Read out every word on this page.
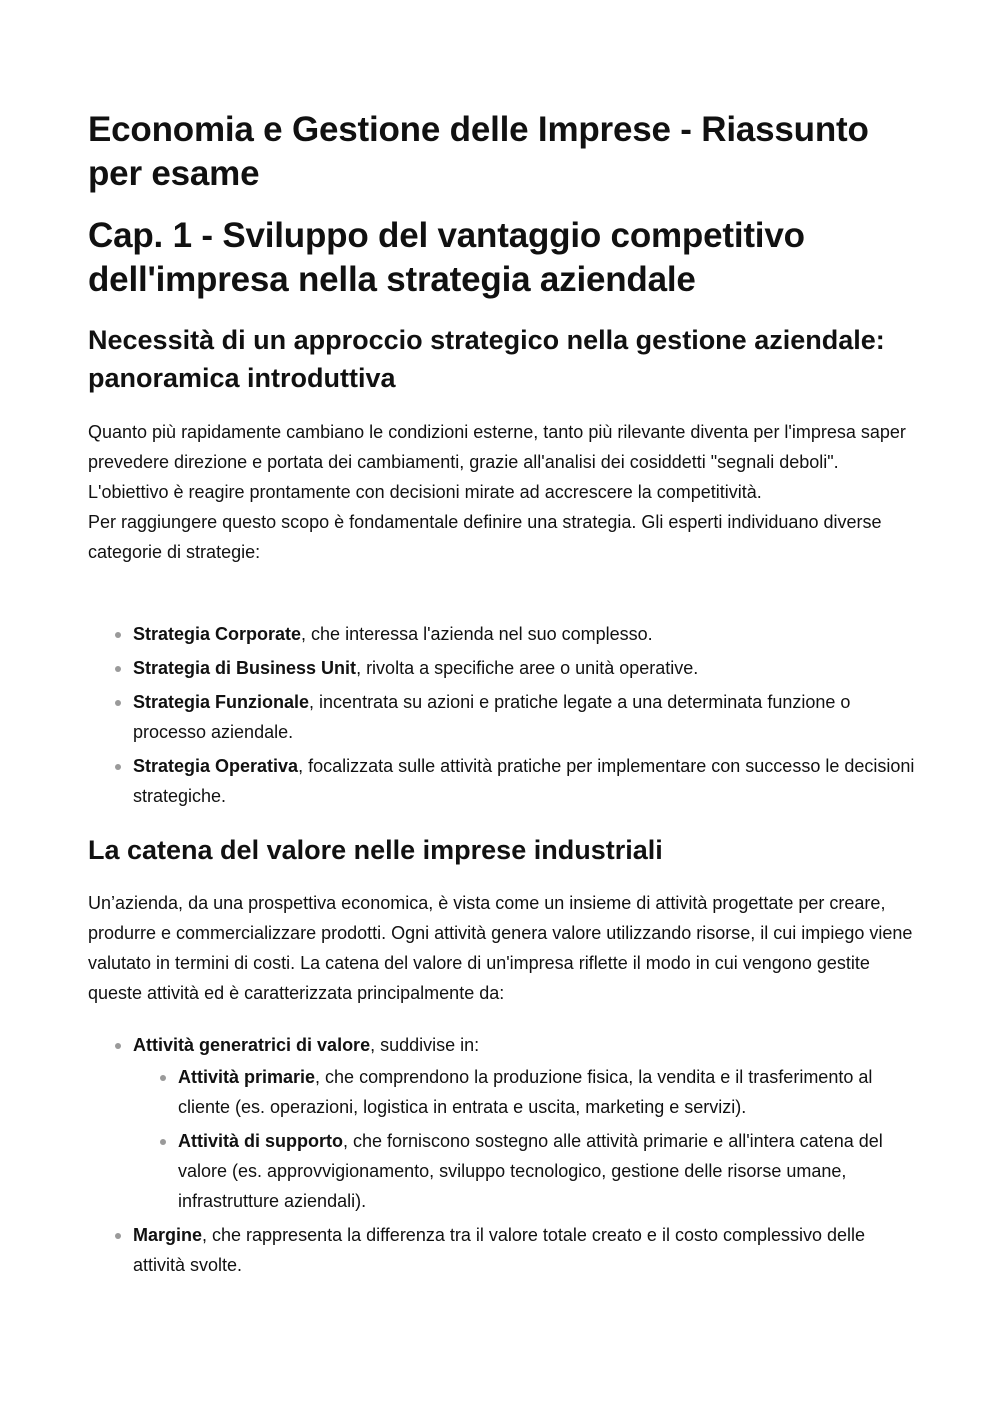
Economia e Gestione delle Imprese - Riassunto per esame
Cap. 1 - Sviluppo del vantaggio competitivo dell'impresa nella strategia aziendale
Necessità di un approccio strategico nella gestione aziendale: panoramica introduttiva
Quanto più rapidamente cambiano le condizioni esterne, tanto più rilevante diventa per l'impresa saper prevedere direzione e portata dei cambiamenti, grazie all'analisi dei cosiddetti "segnali deboli".
L'obiettivo è reagire prontamente con decisioni mirate ad accrescere la competitività.
Per raggiungere questo scopo è fondamentale definire una strategia. Gli esperti individuano diverse categorie di strategie:
Strategia Corporate, che interessa l'azienda nel suo complesso.
Strategia di Business Unit, rivolta a specifiche aree o unità operative.
Strategia Funzionale, incentrata su azioni e pratiche legate a una determinata funzione o processo aziendale.
Strategia Operativa, focalizzata sulle attività pratiche per implementare con successo le decisioni strategiche.
La catena del valore nelle imprese industriali

Un’azienda, da una prospettiva economica, è vista come un insieme di attività progettate per creare, produrre e commercializzare prodotti. Ogni attività genera valore utilizzando risorse, il cui impiego viene valutato in termini di costi. La catena del valore di un'impresa riflette il modo in cui vengono gestite queste attività ed è caratterizzata principalmente da:

Attività generatrici di valore, suddivise in:
Attività primarie, che comprendono la produzione fisica, la vendita e il trasferimento al cliente (es. operazioni, logistica in entrata e uscita, marketing e servizi).
Attività di supporto, che forniscono sostegno alle attività primarie e all'intera catena del valore (es. approvvigionamento, sviluppo tecnologico, gestione delle risorse umane, infrastrutture aziendali).
Margine, che rappresenta la differenza tra il valore totale creato e il costo complessivo delle attività svolte.
